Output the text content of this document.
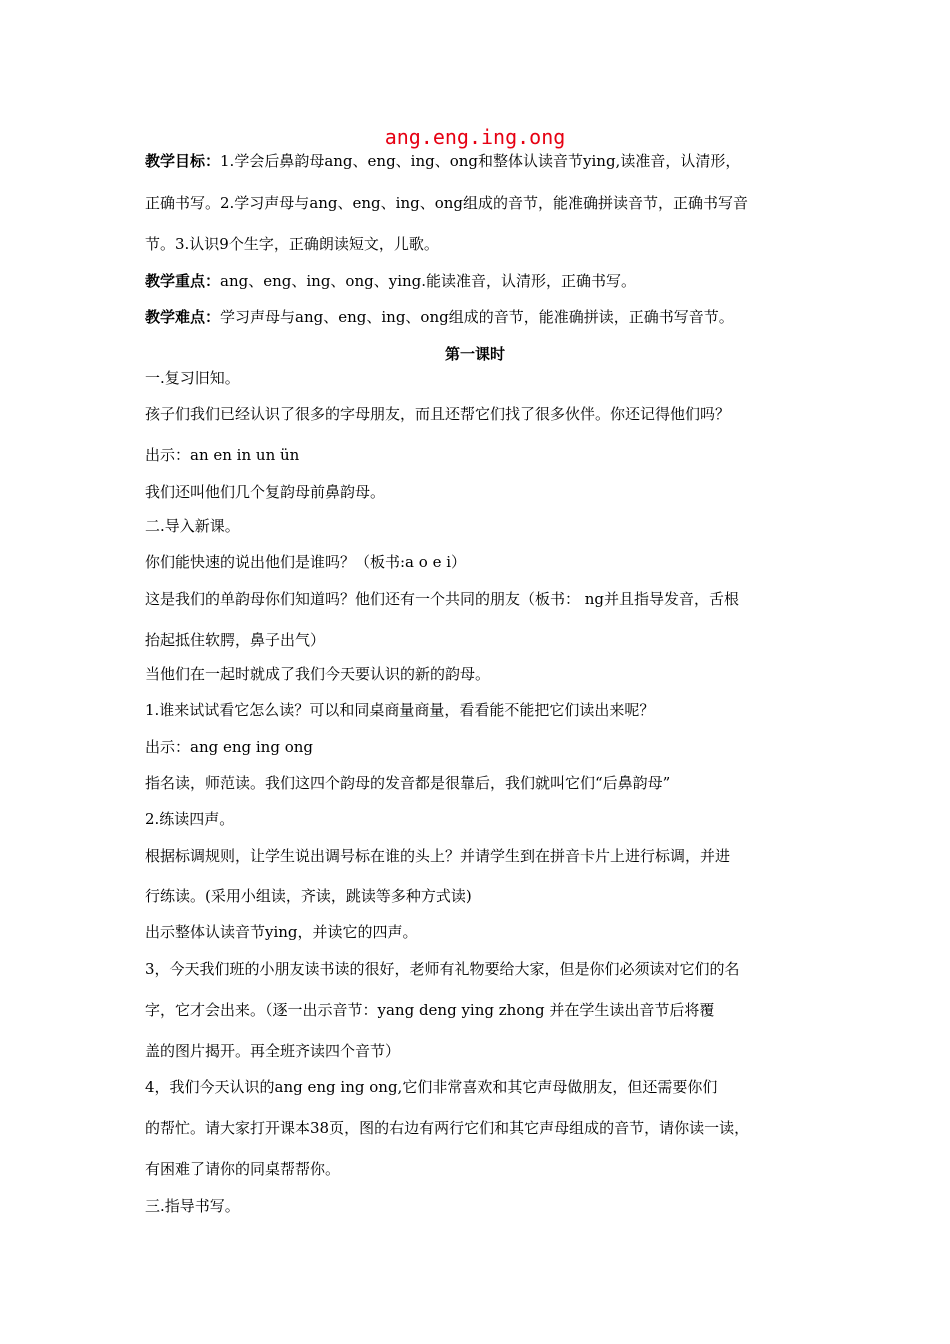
ang.eng.ing.ong
教学目标：1.学会后鼻韵母ang、eng、ing、ong和整体认读音节ying,读准音，认清形，
正确书写。2.学习声母与ang、eng、ing、ong组成的音节，能准确拼读音节，正确书写音
节。3.认识9个生字，正确朗读短文，儿歌。
教学重点：ang、eng、ing、ong、ying.能读准音，认清形，正确书写。
教学难点：学习声母与ang、eng、ing、ong组成的音节，能准确拼读，正确书写音节。
第一课时
一.复习旧知。
孩子们我们已经认识了很多的字母朋友，而且还帮它们找了很多伙伴。你还记得他们吗？
出示：an en in un ün
我们还叫他们几个复韵母前鼻韵母。
二.导入新课。
你们能快速的说出他们是谁吗？（板书:a o e i）
这是我们的单韵母你们知道吗？他们还有一个共同的朋友（板书： ng并且指导发音，舌根
抬起抵住软腭，鼻子出气）
当他们在一起时就成了我们今天要认识的新的韵母。
1.谁来试试看它怎么读？可以和同桌商量商量，看看能不能把它们读出来呢？
出示：ang eng ing ong
指名读，师范读。我们这四个韵母的发音都是很靠后，我们就叫它们“后鼻韵母”
2.练读四声。
根据标调规则，让学生说出调号标在谁的头上？并请学生到在拼音卡片上进行标调，并进
行练读。(采用小组读，齐读，跳读等多种方式读)
出示整体认读音节ying，并读它的四声。
3，今天我们班的小朋友读书读的很好，老师有礼物要给大家，但是你们必须读对它们的名
字，它才会出来。（逐一出示音节：yang deng ying zhong 并在学生读出音节后将覆
盖的图片揭开。再全班齐读四个音节）
4，我们今天认识的ang eng ing ong,它们非常喜欢和其它声母做朋友，但还需要你们
的帮忙。请大家打开课本38页，图的右边有两行它们和其它声母组成的音节，请你读一读，
有困难了请你的同桌帮帮你。
三.指导书写。
